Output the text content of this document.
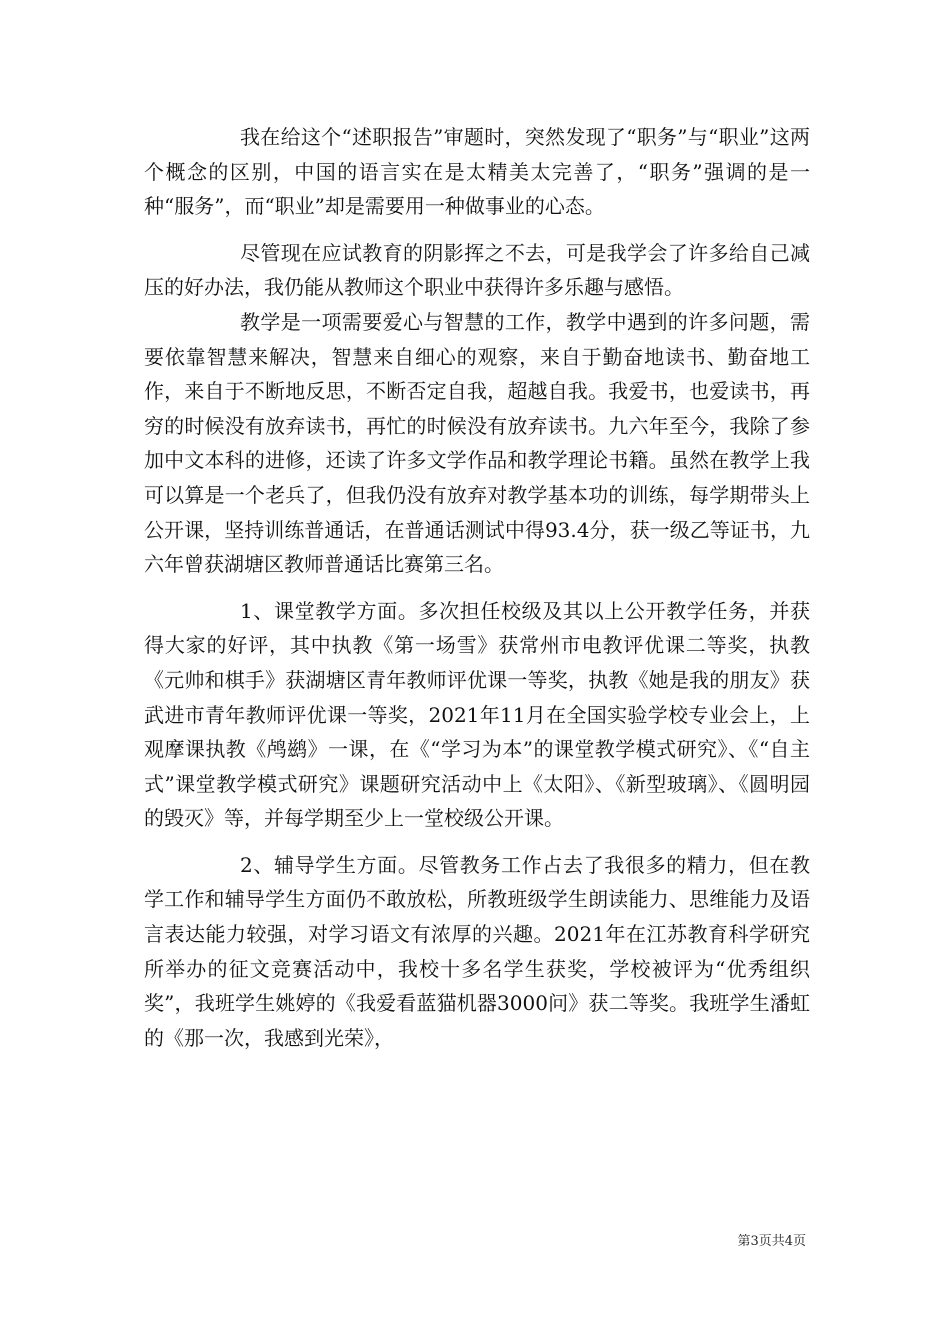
我在给这个“述职报告”审题时，突然发现了“职务”与“职业”这两个概念的区别，中国的语言实在是太精美太完善了，“职务”强调的是一种“服务”，而“职业”却是需要用一种做事业的心态。

尽管现在应试教育的阴影挥之不去，可是我学会了许多给自己减压的好办法，我仍能从教师这个职业中获得许多乐趣与感悟。

教学是一项需要爱心与智慧的工作，教学中遇到的许多问题，需要依靠智慧来解决，智慧来自细心的观察，来自于勤奋地读书、勤奋地工作，来自于不断地反思，不断否定自我，超越自我。我爱书，也爱读书，再穷的时候没有放弃读书，再忙的时候没有放弃读书。九六年至今，我除了参加中文本科的进修，还读了许多文学作品和教学理论书籍。虽然在教学上我可以算是一个老兵了，但我仍没有放弃对教学基本功的训练，每学期带头上公开课，坚持训练普通话，在普通话测试中得93.4分，获一级乙等证书，九六年曾获湖塘区教师普通话比赛第三名。

1、课堂教学方面。多次担任校级及其以上公开教学任务，并获得大家的好评，其中执教《第一场雪》获常州市电教评优课二等奖，执教《元帅和棋手》获湖塘区青年教师评优课一等奖，执教《她是我的朋友》获武进市青年教师评优课一等奖，2021年11月在全国实验学校专业会上，上观摩课执教《鸬鹚》一课，在《“学习为本”的课堂教学模式研究》、《“自主式”课堂教学模式研究》课题研究活动中上《太阳》、《新型玻璃》、《圆明园的毁灭》等，并每学期至少上一堂校级公开课。

2、辅导学生方面。尽管教务工作占去了我很多的精力，但在教学工作和辅导学生方面仍不敢放松，所教班级学生朗读能力、思维能力及语言表达能力较强，对学习语文有浓厚的兴趣。2021年在江苏教育科学研究所举办的征文竞赛活动中，我校十多名学生获奖，学校被评为“优秀组织奖”，我班学生姚婷的《我爱看蓝猫机器3000问》获二等奖。我班学生潘虹的《那一次，我感到光荣》，

第3页共4页
